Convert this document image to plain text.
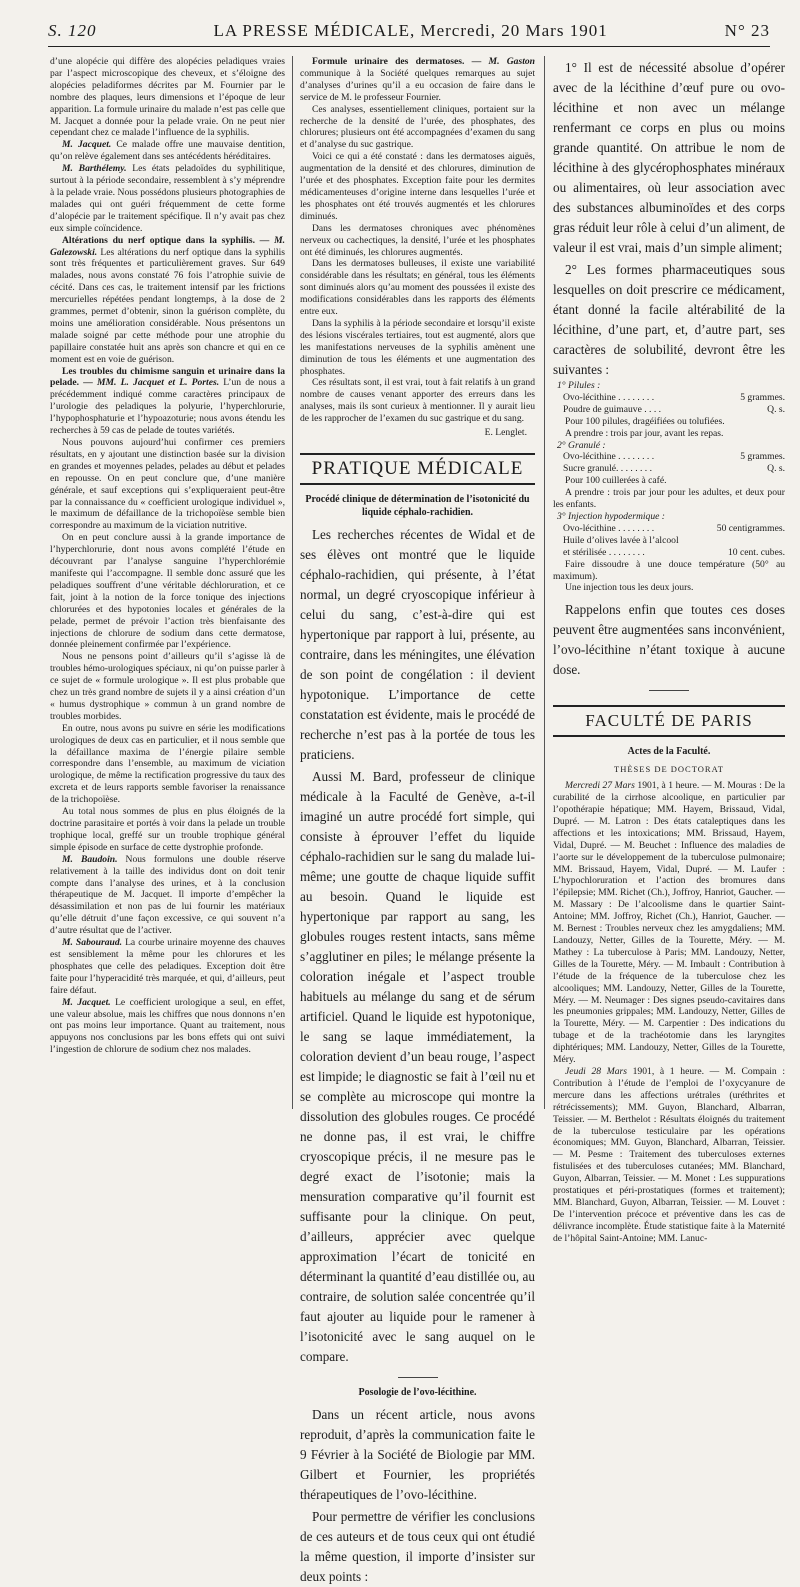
S. 120	LA PRESSE MÉDICALE, Mercredi, 20 Mars 1901	N° 23

d’une alopécie qui diffère des alopécies peladiques vraies par l’aspect microscopique des cheveux, et s’éloigne des alopécies peladiformes décrites par M. Fournier par le nombre des plaques, leurs dimensions et l’époque de leur apparition. La formule urinaire du malade n’est pas celle que M. Jacquet a donnée pour la pelade vraie. On ne peut nier cependant chez ce malade l’influence de la syphilis.

M. Jacquet. Ce malade offre une mauvaise dentition, qu’on relève également dans ses antécédents héréditaires.

M. Barthélemy. Les états peladoïdes du syphilitique, surtout à la période secondaire, ressemblent à s’y méprendre à la pelade vraie. Nous possédons plusieurs photographies de malades qui ont guéri fréquemment de cette forme d’alopécie par le traitement spécifique. Il n’y avait pas chez eux simple coïncidence.

Altérations du nerf optique dans la syphilis. — M. Galezowski. Les altérations du nerf optique dans la syphilis sont très fréquentes et particulièrement graves. Sur 649 malades, nous avons constaté 76 fois l’atrophie suivie de cécité. Dans ces cas, le traitement intensif par les frictions mercurielles répétées pendant longtemps, à la dose de 2 grammes, permet d’obtenir, sinon la guérison complète, du moins une amélioration considérable. Nous présentons un malade soigné par cette méthode pour une atrophie du papillaire constatée huit ans après son chancre et qui en ce moment est en voie de guérison.

Les troubles du chimisme sanguin et urinaire dans la pelade. — MM. L. Jacquet et L. Portes. L’un de nous a précédemment indiqué comme caractères principaux de l’urologie des peladiques la polyurie, l’hyperchlorurie, l’hypophosphaturie et l’hypoazoturie; nous avons étendu les recherches à 59 cas de pelade de toutes variétés.

Nous pouvons aujourd’hui confirmer ces premiers résultats, en y ajoutant une distinction basée sur la division en grandes et moyennes pelades, pelades au début et pelades en repousse. On en peut conclure que, d’une manière générale, et sauf exceptions qui s’expliqueraient peut-être par la connaissance du « coefficient urologique individuel », le maximum de défaillance de la trichopoïèse semble bien correspondre au maximum de la viciation nutritive.

On en peut conclure aussi à la grande importance de l’hyperchlorurie, dont nous avons complété l’étude en découvrant par l’analyse sanguine l’hyperchlorémie manifeste qui l’accompagne. Il semble donc assuré que les peladiques souffrent d’une véritable déchloruration, et ce fait, joint à la notion de la force tonique des injections chlorurées et des hypotonies locales et générales de la pelade, permet de prévoir l’action très bienfaisante des injections de chlorure de sodium dans cette dermatose, donnée pleinement confirmée par l’expérience.

Nous ne pensons point d’ailleurs qu’il s’agisse là de troubles hémo-urologiques spéciaux, ni qu’on puisse parler à ce sujet de « formule urologique ». Il est plus probable que chez un très grand nombre de sujets il y a ainsi création d’un « humus dystrophique » commun à un grand nombre de troubles morbides.

En outre, nous avons pu suivre en série les modifications urologiques de deux cas en particulier, et il nous semble que la défaillance maxima de l’énergie pilaire semble correspondre dans l’ensemble, au maximum de viciation urologique, de même la rectification progressive du taux des excreta et de leurs rapports semble favoriser la renaissance de la trichopoïèse.

Au total nous sommes de plus en plus éloignés de la doctrine parasitaire et portés à voir dans la pelade un trouble trophique local, greffé sur un trouble trophique général simple épisode en surface de cette dystrophie profonde.

M. Baudoin. Nous formulons une double réserve relativement à la taille des individus dont on doit tenir compte dans l’analyse des urines, et à la conclusion thérapeutique de M. Jacquet. Il importe d’empêcher la désassimilation et non pas de lui fournir les matériaux qu’elle détruit d’une façon excessive, ce qui souvent n’a d’autre résultat que de l’activer.

M. Sabouraud. La courbe urinaire moyenne des chauves est sensiblement la même pour les chlorures et les phosphates que celle des peladiques. Exception doit être faite pour l’hyperacidité très marquée, et qui, d’ailleurs, peut faire défaut.

M. Jacquet. Le coefficient urologique a seul, en effet, une valeur absolue, mais les chiffres que nous donnons n’en ont pas moins leur importance. Quant au traitement, nous appuyons nos conclusions par les bons effets qui ont suivi l’ingestion de chlorure de sodium chez nos malades.

Formule urinaire des dermatoses. — M. Gaston communique à la Société quelques remarques au sujet d’analyses d’urines qu’il a eu occasion de faire dans le service de M. le professeur Fournier.

Ces analyses, essentiellement cliniques, portaient sur la recherche de la densité de l’urée, des phosphates, des chlorures; plusieurs ont été accompagnées d’examen du sang et d’analyse du suc gastrique.

Voici ce qui a été constaté : dans les dermatoses aiguës, augmentation de la densité et des chlorures, diminution de l’urée et des phosphates. Exception faite pour les dermites médicamenteuses d’origine interne dans lesquelles l’urée et les phosphates ont été trouvés augmentés et les chlorures diminués.

Dans les dermatoses chroniques avec phénomènes nerveux ou cachectiques, la densité, l’urée et les phosphates ont été diminués, les chlorures augmentés.

Dans les dermatoses bulleuses, il existe une variabilité considérable dans les résultats; en général, tous les éléments sont diminués alors qu’au moment des poussées il existe des modifications considérables dans les rapports des éléments entre eux.

Dans la syphilis à la période secondaire et lorsqu’il existe des lésions viscérales tertiaires, tout est augmenté, alors que les manifestations nerveuses de la syphilis amènent une diminution de tous les éléments et une augmentation des phosphates.

Ces résultats sont, il est vrai, tout à fait relatifs à un grand nombre de causes venant apporter des erreurs dans les analyses, mais ils sont curieux à mentionner. Il y aurait lieu de les rapprocher de l’examen du suc gastrique et du sang.

E. Lenglet.
PRATIQUE MÉDICALE
Procédé clinique de détermination de l’isotonicité du liquide céphalo-rachidien.

Les recherches récentes de Widal et de ses élèves ont montré que le liquide céphalo-rachidien, qui présente, à l’état normal, un degré cryoscopique inférieur à celui du sang, c’est-à-dire qui est hypertonique par rapport à lui, présente, au contraire, dans les méningites, une élévation de son point de congélation : il devient hypotonique. L’importance de cette constatation est évidente, mais le procédé de recherche n’est pas à la portée de tous les praticiens.

Aussi M. Bard, professeur de clinique médicale à la Faculté de Genève, a-t-il imaginé un autre procédé fort simple, qui consiste à éprouver l’effet du liquide céphalo-rachidien sur le sang du malade lui-même; une goutte de chaque liquide suffit au besoin. Quand le liquide est hypertonique par rapport au sang, les globules rouges restent intacts, sans même s’agglutiner en piles; le mélange présente la coloration inégale et l’aspect trouble habituels au mélange du sang et de sérum artificiel. Quand le liquide est hypotonique, le sang se laque immédiatement, la coloration devient d’un beau rouge, l’aspect est limpide; le diagnostic se fait à l’œil nu et se complète au microscope qui montre la dissolution des globules rouges. Ce procédé ne donne pas, il est vrai, le chiffre cryoscopique précis, il ne mesure pas le degré exact de l’isotonie; mais la mensuration comparative qu’il fournit est suffisante pour la clinique. On peut, d’ailleurs, apprécier avec quelque approximation l’écart de tonicité en déterminant la quantité d’eau distillée ou, au contraire, de solution salée concentrée qu’il faut ajouter au liquide pour le ramener à l’isotonicité avec le sang auquel on le compare.

Posologie de l’ovo-lécithine.

Dans un récent article, nous avons reproduit, d’après la communication faite le 9 Février à la Société de Biologie par MM. Gilbert et Fournier, les propriétés thérapeutiques de l’ovo-lécithine.

Pour permettre de vérifier les conclusions de ces auteurs et de tous ceux qui ont étudié la même question, il importe d’insister sur deux points :

1° Il est de nécessité absolue d’opérer avec de la lécithine d’œuf pure ou ovo-lécithine et non avec un mélange renfermant ce corps en plus ou moins grande quantité. On attribue le nom de lécithine à des glycérophosphates minéraux ou alimentaires, où leur association avec des substances albuminoïdes et des corps gras réduit leur rôle à celui d’un aliment, de valeur il est vrai, mais d’un simple aliment;

2° Les formes pharmaceutiques sous lesquelles on doit prescrire ce médicament, étant donné la facile altérabilité de la lécithine, d’une part, et, d’autre part, ses caractères de solubilité, devront être les suivantes :

1° Pilules :

Ovo-lécithine . . . . . . . .	5 grammes.
Poudre de guimauve . . . .	Q. s.

Pour 100 pilules, dragéifiées ou tolufiées.

A prendre : trois par jour, avant les repas.

2° Granulé :

Ovo-lécithine . . . . . . . .	5 grammes.
Sucre granulé. . . . . . . .	Q. s.

Pour 100 cuillerées à café.

A prendre : trois par jour pour les adultes, et deux pour les enfants.

3° Injection hypodermique :

Ovo-lécithine . . . . . . . .	50 centigrammes.

Huile d’olives lavée à l’alcool

et stérilisée . . . . . . . .	10 cent. cubes.

Faire dissoudre à une douce température (50° au maximum).

Une injection tous les deux jours.

Rappelons enfin que toutes ces doses peuvent être augmentées sans inconvénient, l’ovo-lécithine n’étant toxique à aucune dose.

FACULTÉ DE PARIS
Actes de la Faculté.
THÈSES DE DOCTORAT

Mercredi 27 Mars 1901, à 1 heure. — M. Mouras : De la curabilité de la cirrhose alcoolique, en particulier par l’opothérapie hépatique; MM. Hayem, Brissaud, Vidal, Dupré. — M. Latron : Des états cataleptiques dans les affections et les intoxications; MM. Brissaud, Hayem, Vidal, Dupré. — M. Beuchet : Influence des maladies de l’aorte sur le développement de la tuberculose pulmonaire; MM. Brissaud, Hayem, Vidal, Dupré. — M. Laufer : L’hypochloruration et l’action des bromures dans l’épilepsie; MM. Richet (Ch.), Joffroy, Hanriot, Gaucher. — M. Massary : De l’alcoolisme dans le quartier Saint-Antoine; MM. Joffroy, Richet (Ch.), Hanriot, Gaucher. — M. Bernest : Troubles nerveux chez les amygdaliens; MM. Landouzy, Netter, Gilles de la Tourette, Méry. — M. Mathey : La tuberculose à Paris; MM. Landouzy, Netter, Gilles de la Tourette, Méry. — M. Imbault : Contribution à l’étude de la fréquence de la tuberculose chez les alcooliques; MM. Landouzy, Netter, Gilles de la Tourette, Méry. — M. Neumager : Des signes pseudo-cavitaires dans les pneumonies grippales; MM. Landouzy, Netter, Gilles de la Tourette, Méry. — M. Carpentier : Des indications du tubage et de la trachéotomie dans les laryngites diphtériques; MM. Landouzy, Netter, Gilles de la Tourette, Méry.

Jeudi 28 Mars 1901, à 1 heure. — M. Compain : Contribution à l’étude de l’emploi de l’oxycyanure de mercure dans les affections urétrales (uréthrites et rétrécissements); MM. Guyon, Blanchard, Albarran, Teissier. — M. Berthelot : Résultats éloignés du traitement de la tuberculose testiculaire par les opérations économiques; MM. Guyon, Blanchard, Albarran, Teissier. — M. Pesme : Traitement des tuberculoses externes fistulisées et des tuberculoses cutanées; MM. Blanchard, Guyon, Albarran, Teissier. — M. Monet : Les suppurations prostatiques et péri-prostatiques (formes et traitement); MM. Blanchard, Guyon, Albarran, Teissier. — M. Louvet : De l’intervention précoce et préventive dans les cas de délivrance incomplète. Étude statistique faite à la Maternité de l’hôpital Saint-Antoine; MM. Lanuc-
